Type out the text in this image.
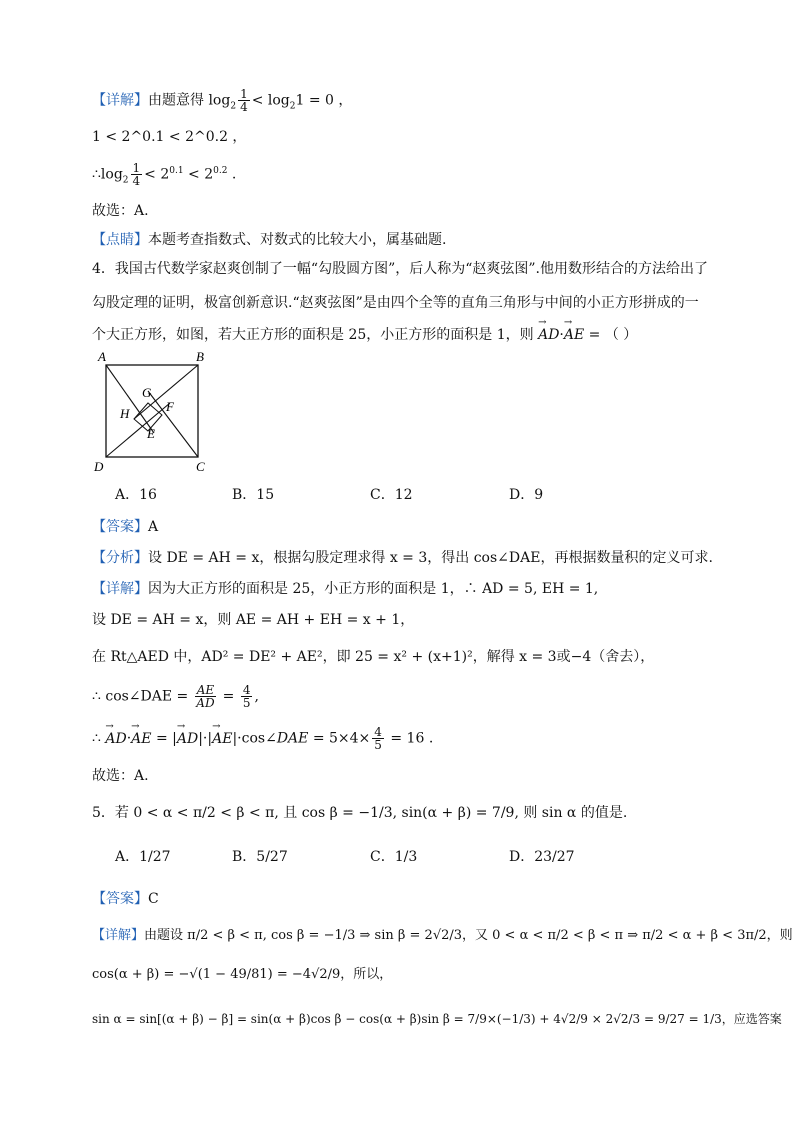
【详解】由题意得 $\log_2 \frac{1}{4} < \log_21 = 0$ ，
1 < 2^0.1 < 2^0.2 ，
$\therefore\log_2 \frac{1}{4} < 2^{0.1} < 2^{0.2}$ .
故选：A.
【点睛】本题考查指数式、对数式的比较大小，属基础题.
4．我国古代数学家赵爽创制了一幅“勾股圆方图”，后人称为“赵爽弦图”.他用数形结合的方法给出了
勾股定理的证明，极富创新意识.“赵爽弦图”是由四个全等的直角三角形与中间的小正方形拼成的一
个大正方形，如图，若大正方形的面积是 25，小正方形的面积是 1，则 → AD·→ AE = （ ）
A	B
C
D
G
H	F
E
A．16	B．15	C．12	D．9
【答案】A
【分析】设 DE = AH = x，根据勾股定理求得 x = 3，得出 cos∠DAE，再根据数量积的定义可求.
【详解】因为大正方形的面积是 25，小正方形的面积是 1，∴ AD = 5, EH = 1,
设 DE = AH = x，则 AE = AH + EH = x + 1，
在 Rt△AED 中，AD² = DE² + AE²，即 25 = x² + (x+1)²，解得 x = 3或−4（舍去），
∴ cos∠DAE = $\frac{AE}{AD} = \frac{4}{5}$ ,
∴ → AD·→ AE = |→ AD|·|→ AE|·cos∠DAE = $5\times 4\times \frac{4}{5} = 16$ .
故选：A.
5．若 0 < α < π/2 < β < π, 且 cos β = −1/3, sin(α + β) = 7/9, 则 sin α 的值是.
A．1/27	B．5/27	C．1/3	D．23/27
【答案】C
【详解】由题设 π/2 < β < π, cos β = −1/3 ⇒ sin β = 2√2/3，又 0 < α < π/2 < β < π ⇒ π/2 < α + β < 3π/2，则
cos(α + β) = −√(1 − 49/81) = −4√2/9，所以，
sin α = sin[(α + β) − β] = sin(α + β)cos β − cos(α + β)sin β = 7/9×(−1/3) + 4√2/9 × 2√2/3 = 9/27 = 1/3，应选答案
